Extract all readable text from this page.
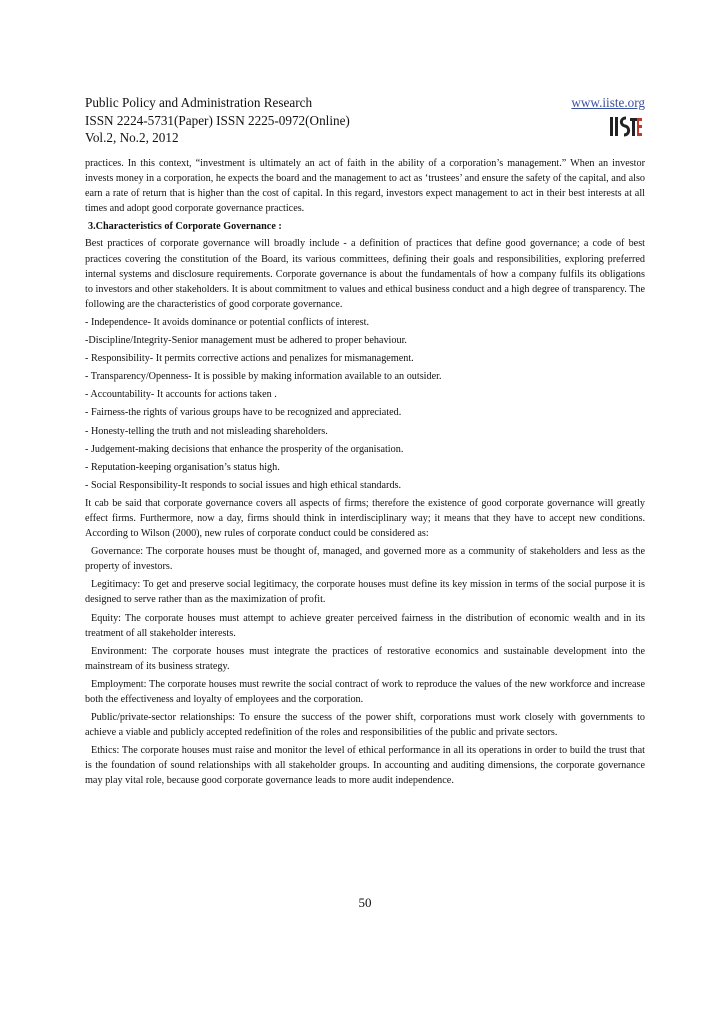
Public Policy and Administration Research
ISSN 2224-5731(Paper) ISSN 2225-0972(Online)
Vol.2, No.2, 2012
www.iiste.org

practices. In this context, “investment is ultimately an act of faith in the ability of a corporation’s management.” When an investor invests money in a corporation, he expects the board and the management to act as ‘trustees’ and ensure the safety of the capital, and also earn a rate of return that is higher than the cost of capital. In this regard, investors expect management to act in their best interests at all times and adopt good corporate governance practices.

3.Characteristics of Corporate Governance :

Best practices of corporate governance will broadly include - a definition of practices that define good governance; a code of best practices covering the constitution of the Board, its various committees, defining their goals and responsibilities, exploring preferred internal systems and disclosure requirements. Corporate governance is about the fundamentals of how a company fulfils its obligations to investors and other stakeholders. It is about commitment to values and ethical business conduct and a high degree of transparency. The following are the characteristics of good corporate governance.

- Independence- It avoids dominance or potential conflicts of interest.
-Discipline/Integrity-Senior management must be adhered to proper behaviour.
- Responsibility- It permits corrective actions and penalizes for mismanagement.
- Transparency/Openness- It is possible by making information available to an outsider.
- Accountability- It accounts for actions taken .
- Fairness-the rights of various groups have to be recognized and appreciated.
- Honesty-telling the truth and not misleading shareholders.
- Judgement-making decisions that enhance the prosperity of the organisation.
- Reputation-keeping organisation’s status high.
- Social Responsibility-It responds to social issues and high ethical standards.

It cab be said that corporate governance covers all aspects of firms; therefore the existence of good corporate governance will greatly effect firms. Furthermore, now a day, firms should think in interdisciplinary way; it means that they have to accept new conditions. According to Wilson (2000), new rules of corporate conduct could be considered as:

Governance: The corporate houses must be thought of, managed, and governed more as a community of stakeholders and less as the property of investors.

Legitimacy: To get and preserve social legitimacy, the corporate houses must define its key mission in terms of the social purpose it is designed to serve rather than as the maximization of profit.

Equity: The corporate houses must attempt to achieve greater perceived fairness in the distribution of economic wealth and in its treatment of all stakeholder interests.

Environment: The corporate houses must integrate the practices of restorative economics and sustainable development into the mainstream of its business strategy.

Employment: The corporate houses must rewrite the social contract of work to reproduce the values of the new workforce and increase both the effectiveness and loyalty of employees and the corporation.

Public/private-sector relationships: To ensure the success of the power shift, corporations must work closely with governments to achieve a viable and publicly accepted redefinition of the roles and responsibilities of the public and private sectors.

Ethics: The corporate houses must raise and monitor the level of ethical performance in all its operations in order to build the trust that is the foundation of sound relationships with all stakeholder groups. In accounting and auditing dimensions, the corporate governance may play vital role, because good corporate governance leads to more audit independence.

50
